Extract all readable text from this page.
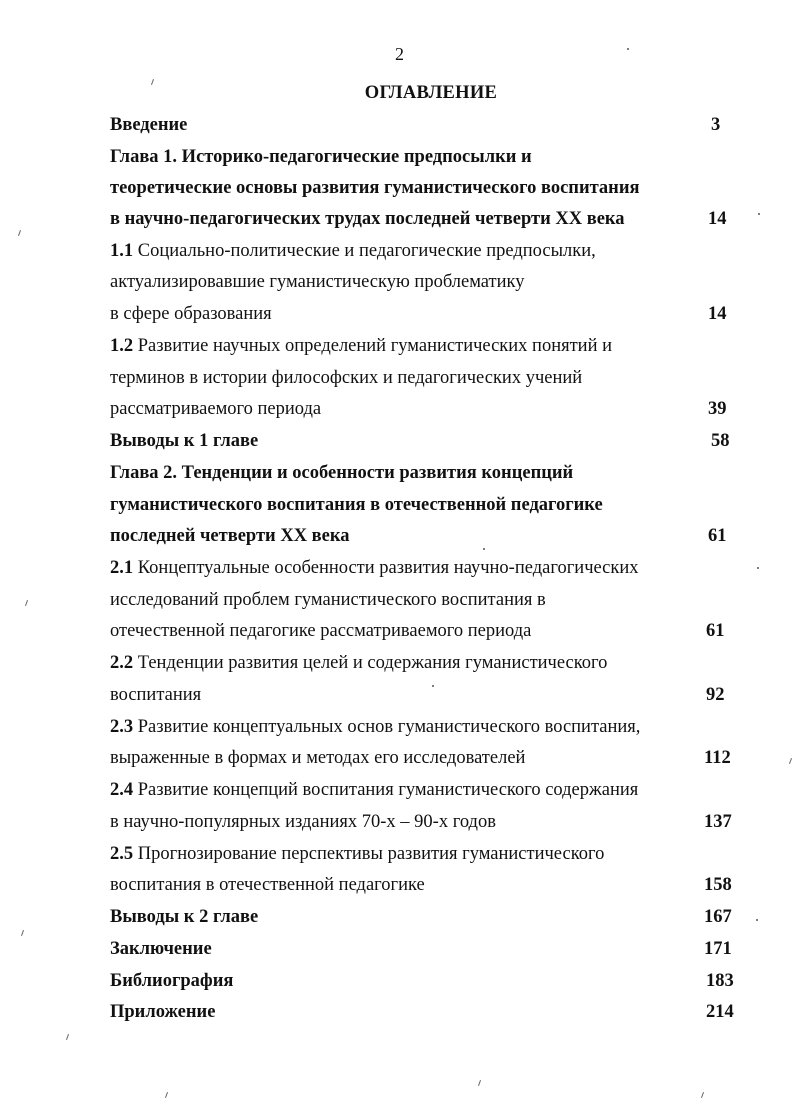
2
ОГЛАВЛЕНИЕ
Введение	3
Глава 1. Историко-педагогические предпосылки и
теоретические основы развития гуманистического воспитания
в научно-педагогических трудах последней четверти XX века	14
1.1 Социально-политические и педагогические предпосылки,
актуализировавшие гуманистическую проблематику
в сфере образования	14
1.2 Развитие научных определений гуманистических понятий и
терминов в истории философских и педагогических учений
рассматриваемого периода	39
Выводы к 1 главе	58
Глава 2. Тенденции и особенности развития концепций
гуманистического воспитания в отечественной педагогике
последней четверти XX века	61
2.1 Концептуальные особенности развития научно-педагогических
исследований проблем гуманистического воспитания в
отечественной педагогике рассматриваемого периода	61
2.2 Тенденции развития целей и содержания гуманистического
воспитания	92
2.3 Развитие концептуальных основ гуманистического воспитания,
выраженные в формах и методах его исследователей	112
2.4 Развитие концепций воспитания гуманистического содержания
в научно-популярных изданиях 70-х – 90-х годов	137
2.5 Прогнозирование перспективы развития гуманистического
воспитания в отечественной педагогике	158
Выводы к 2 главе	167
Заключение	171
Библиография	183
Приложение	214
